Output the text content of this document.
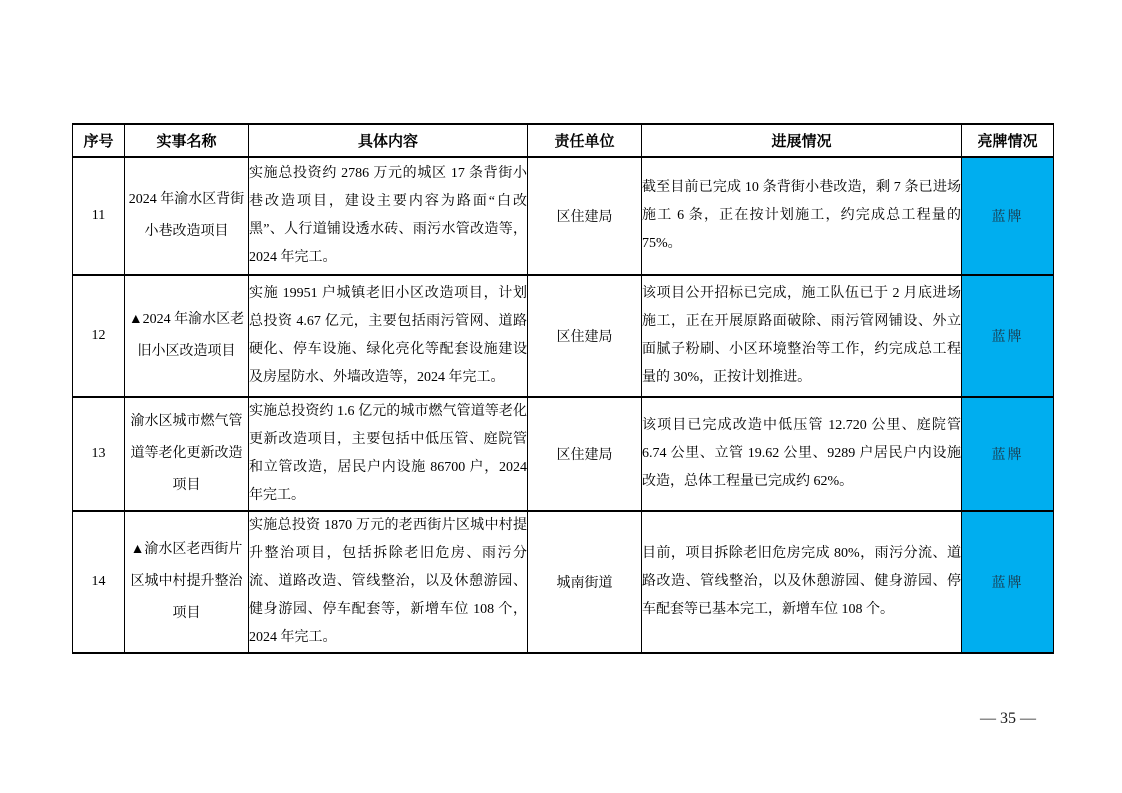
序号	实事名称	具体内容	责任单位	进展情况	亮牌情况
11	2024 年渝水区背街小巷改造项目	实施总投资约 2786 万元的城区 17 条背街小巷改造项目，建设主要内容为路面“白改黑”、人行道铺设透水砖、雨污水管改造等，2024 年完工。	区住建局	截至目前已完成 10 条背街小巷改造，剩 7 条已进场施工 6 条，正在按计划施工，约完成总工程量的 75%。	蓝牌
12	▲2024 年渝水区老旧小区改造项目	实施 19951 户城镇老旧小区改造项目，计划总投资 4.67 亿元，主要包括雨污管网、道路硬化、停车设施、绿化亮化等配套设施建设及房屋防水、外墙改造等，2024 年完工。	区住建局	该项目公开招标已完成，施工队伍已于 2 月底进场施工，正在开展原路面破除、雨污管网铺设、外立面腻子粉刷、小区环境整治等工作，约完成总工程量的 30%，正按计划推进。	蓝牌
13	渝水区城市燃气管道等老化更新改造项目	实施总投资约 1.6 亿元的城市燃气管道等老化更新改造项目，主要包括中低压管、庭院管和立管改造，居民户内设施 86700 户，2024 年完工。	区住建局	该项目已完成改造中低压管 12.720 公里、庭院管 6.74 公里、立管 19.62 公里、9289 户居民户内设施改造，总体工程量已完成约 62%。	蓝牌
14	▲渝水区老西街片区城中村提升整治项目	实施总投资 1870 万元的老西街片区城中村提升整治项目，包括拆除老旧危房、雨污分流、道路改造、管线整治，以及休憩游园、健身游园、停车配套等，新增车位 108 个，2024 年完工。	城南街道	目前，项目拆除老旧危房完成 80%，雨污分流、道路改造、管线整治，以及休憩游园、健身游园、停车配套等已基本完工，新增车位 108 个。	蓝牌
— 35 —
